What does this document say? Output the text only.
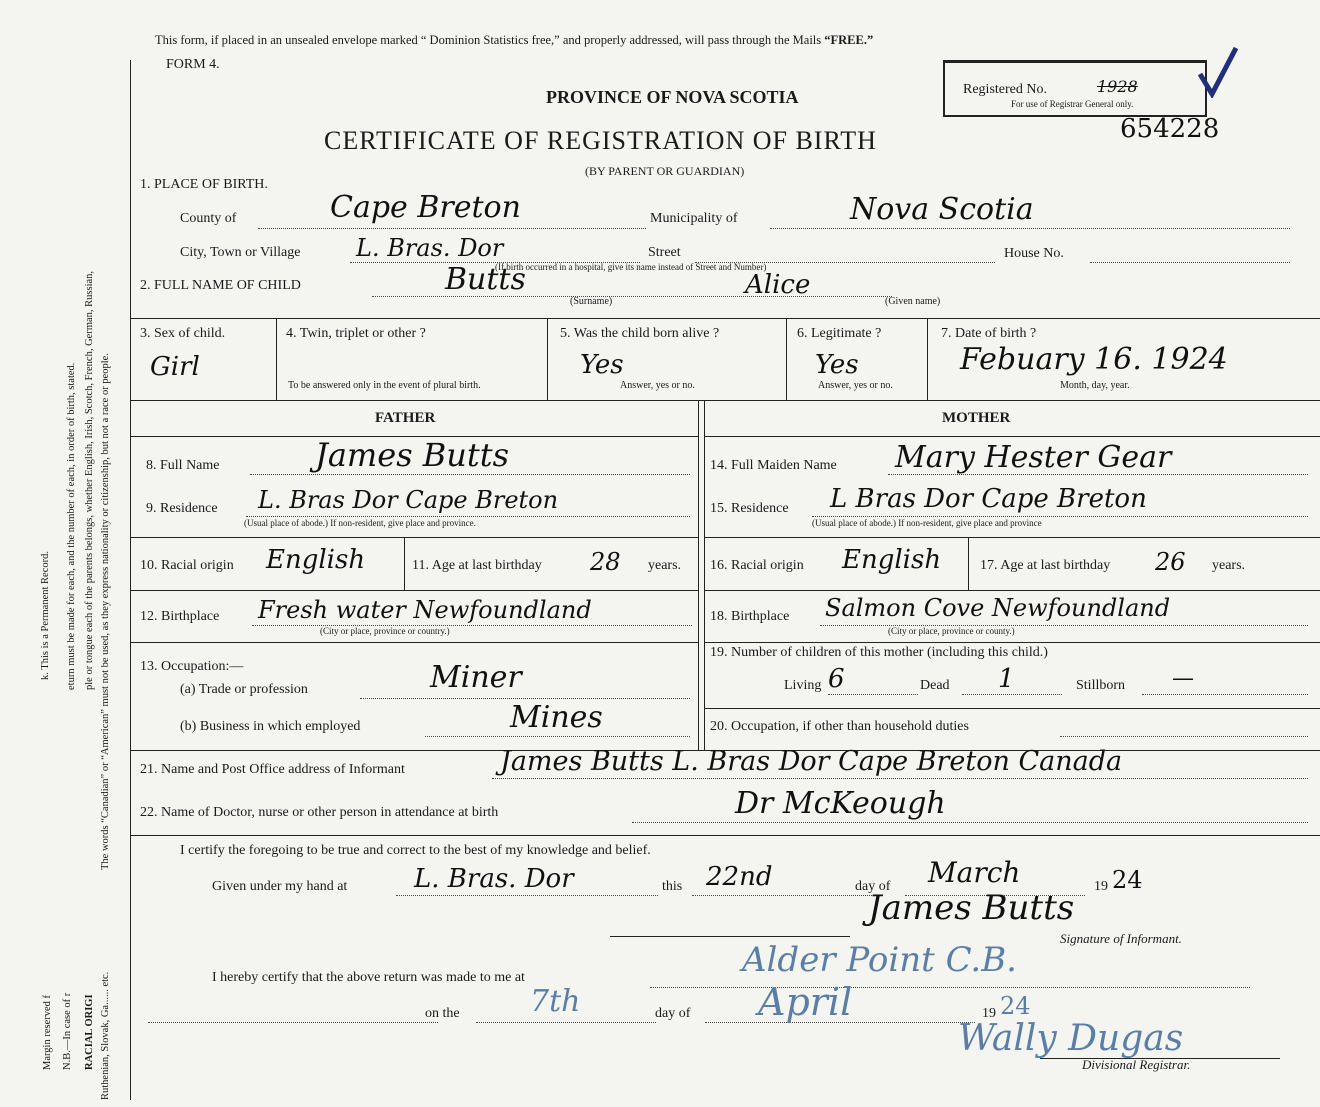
Margin reserved f N.B.—In case of r RACIAL ORIGI Ruthenian, Slovak, Ga...... etc.
k. This is a Permanent Record. eturn must be made for each, and the number of each, in order of birth, stated. ple or tongue each of the parents belongs, whether English, Irish, Scotch, French, German, Russian, The words “Canadian” or “American” must not be used, as they express nationality or citizenship, but not a race or people.
This form, if placed in an unsealed envelope marked “ Dominion Statistics free,” and properly addressed, will pass through the Mails “FREE.”
FORM 4.
PROVINCE OF NOVA SCOTIA
CERTIFICATE OF REGISTRATION OF BIRTH
(BY PARENT OR GUARDIAN)
Registered No.	1928
For use of Registrar General only.
654228
1. PLACE OF BIRTH.
County of	Cape Breton	Municipality of	Nova Scotia
City, Town or Village L. Bras. Dor	Street	House No.
(If birth occurred in a hospital, give its name instead of Street and Number)
2. FULL NAME OF CHILD	Butts	Alice
(Surname)	(Given name)
3. Sex of child.
Girl
4. Twin, triplet or other ?
To be answered only in the event of plural birth.
5. Was the child born alive ?
Yes
Answer, yes or no.
6. Legitimate ?
Yes
Answer, yes or no.
7. Date of birth ?
Febuary 16. 1924
Month, day, year.
FATHER	MOTHER
8. Full Name	James Butts
9. Residence L. Bras Dor Cape Breton
(Usual place of abode.) If non-resident, give place and province.
10. Racial origin English	11. Age at last birthday 28 years.
12. Birthplace Fresh water Newfoundland
(City or place, province or country.)
13. Occupation:—
(a) Trade or profession	Miner
(b) Business in which employed	Mines
14. Full Maiden Name Mary Hester Gear
15. Residence L Bras Dor Cape Breton
(Usual place of abode.) If non-resident, give place and province
16. Racial origin English	17. Age at last birthday 26 years.
18. Birthplace Salmon Cove Newfoundland
(City or place, province or county.)
19. Number of children of this mother (including this child.)
Living 6	Dead 1	Stillborn —
20. Occupation, if other than household duties
21. Name and Post Office address of Informant	James Butts L. Bras Dor Cape Breton Canada
22. Name of Doctor, nurse or other person in attendance at birth	Dr McKeough
I certify the foregoing to be true and correct to the best of my knowledge and belief.
Given under my hand at	L. Bras. Dor	this 22nd	day of March	19 24
James Butts
Signature of Informant.
I hereby certify that the above return was made to me at	Alder Point C.B.
on the 7th	day of April	19 24
Wally Dugas
Divisional Registrar.
